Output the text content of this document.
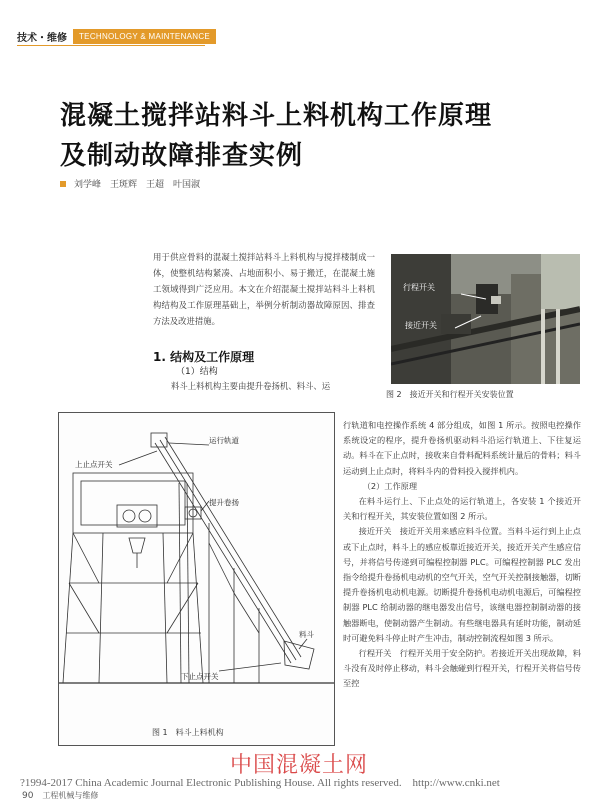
技术・维修	TECHNOLOGY & MAINTENANCE
混凝土搅拌站料斗上料机构工作原理
及制动故障排查实例
刘学峰　王斑辉　王超　叶国淑
用于供应骨料的混凝土搅拌站料斗上料机构与搅拌楼制成一体，使整机结构紧凑、占地面积小、易于搬迁，在混凝土施工领域得到广泛应用。本文在介绍混凝土搅拌站料斗上料机构结构及工作原理基础上，举例分析制动器故障原因、排查方法及改进措施。
1. 结构及工作原理
（1）结构
料斗上料机构主要由提升卷扬机、料斗、运
行程开关
接近开关
图 2　接近开关和行程开关安装位置

行轨道和电控操作系统 4 部分组成，如图 1 所示。按照电控操作系统设定的程序，提升卷扬机驱动料斗沿运行轨道上、下往复运动。料斗在下止点时，接收来自骨料配料系统计量后的骨料；料斗运动到上止点时，将料斗内的骨料投入搅拌机内。

（2）工作原理

在料斗运行上、下止点处的运行轨道上，各安装 1 个接近开关和行程开关，其安装位置如图 2 所示。

接近开关　接近开关用来感应料斗位置。当料斗运行到上止点或下止点时，料斗上的感应板靠近接近开关，接近开关产生感应信号，并将信号传递到可编程控制器 PLC。可编程控制器 PLC 发出指令给提升卷扬机电动机的空气开关，空气开关控制接触器，切断提升卷扬机电动机电源。切断提升卷扬机电动机电源后，可编程控制器 PLC 给制动器的继电器发出信号，该继电器控制制动器的接触器断电，使制动器产生制动。有些继电器具有延时功能，制动延时可避免料斗停止时产生冲击，制动控制流程如图 3 所示。

行程开关　行程开关用于安全防护。若接近开关出现故障，料斗没有及时停止移动，料斗会触碰到行程开关，行程开关将信号传至控

运行轨道
上止点开关
提升卷扬
料斗
下止点开关
图 1　料斗上料机构
中国混凝土网
?1994-2017 China Academic Journal Electronic Publishing House. All rights reserved.　http://www.cnki.net
90 工程机械与维修
